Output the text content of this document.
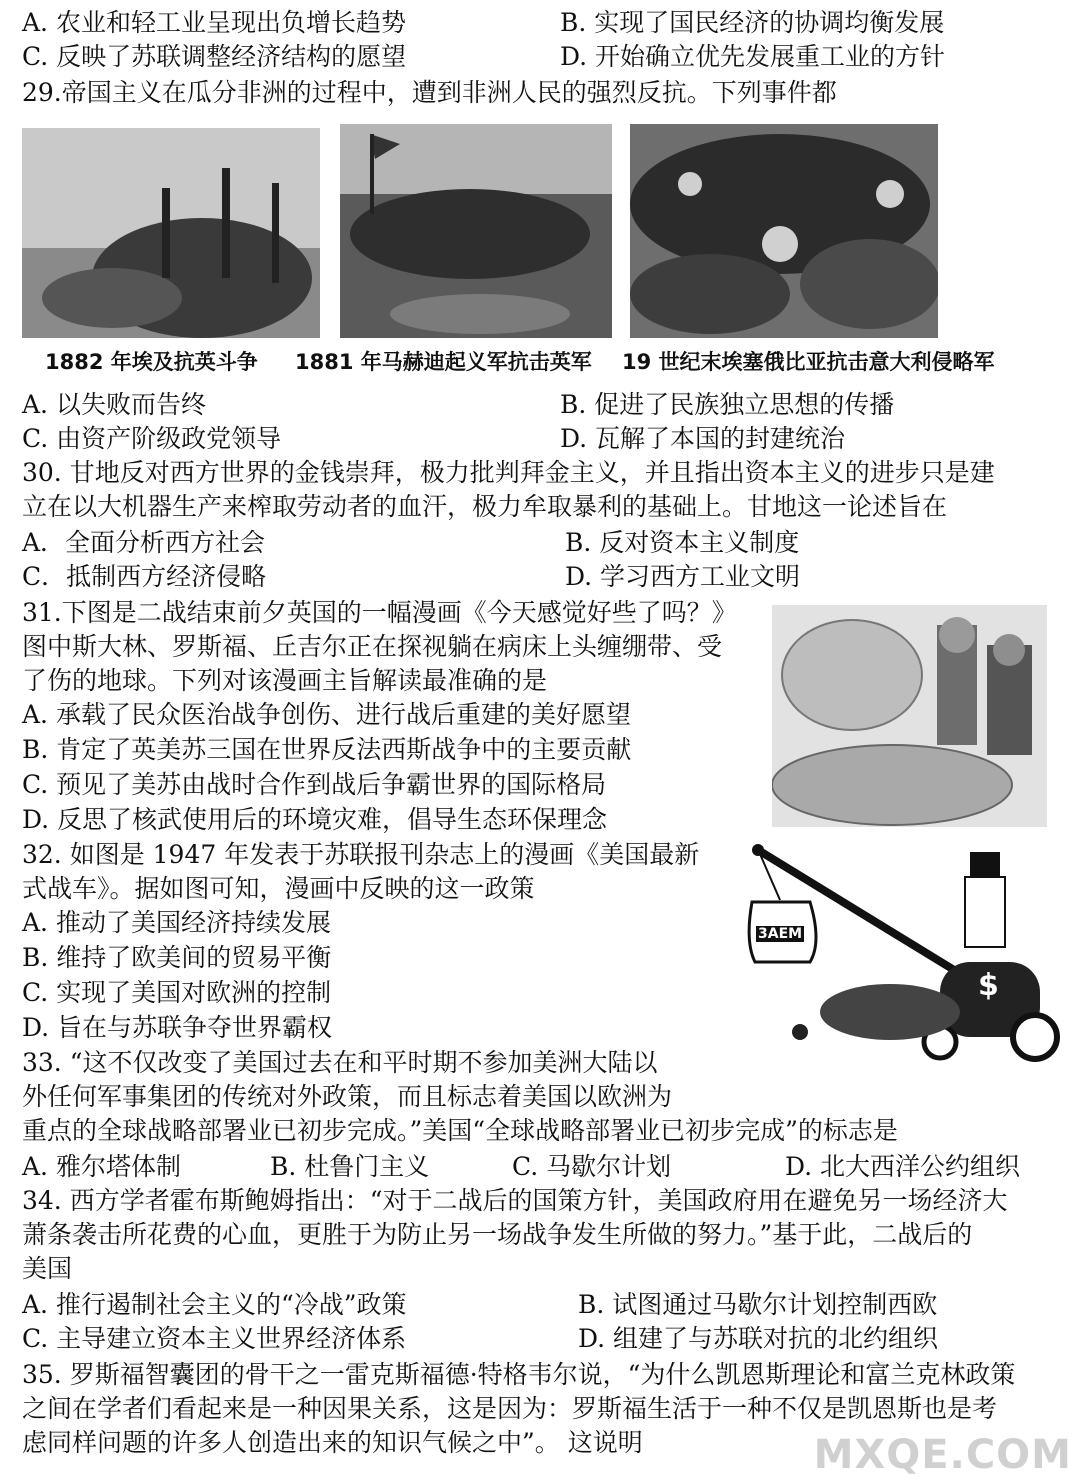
A. 农业和轻工业呈现出负增长趋势	B. 实现了国民经济的协调均衡发展
C. 反映了苏联调整经济结构的愿望	D. 开始确立优先发展重工业的方针
29.帝国主义在瓜分非洲的过程中，遭到非洲人民的强烈反抗。下列事件都
1882 年埃及抗英斗争 1881 年马赫迪起义军抗击英军 19 世纪末埃塞俄比亚抗击意大利侵略军
A. 以失败而告终	B. 促进了民族独立思想的传播
C. 由资产阶级政党领导	D. 瓦解了本国的封建统治
30. 甘地反对西方世界的金钱崇拜，极力批判拜金主义，并且指出资本主义的进步只是建
立在以大机器生产来榨取劳动者的血汗，极力牟取暴利的基础上。甘地这一论述旨在
A．全面分析西方社会	B. 反对资本主义制度
C．抵制西方经济侵略	D. 学习西方工业文明
31.下图是二战结束前夕英国的一幅漫画《今天感觉好些了吗？》
图中斯大林、罗斯福、丘吉尔正在探视躺在病床上头缠绷带、受
了伤的地球。下列对该漫画主旨解读最准确的是
A. 承载了民众医治战争创伤、进行战后重建的美好愿望
B. 肯定了英美苏三国在世界反法西斯战争中的主要贡献
C. 预见了美苏由战时合作到战后争霸世界的国际格局
D. 反思了核武使用后的环境灾难，倡导生态环保理念
32. 如图是 1947 年发表于苏联报刊杂志上的漫画《美国最新
式战车》。据如图可知，漫画中反映的这一政策
A. 推动了美国经济持续发展
B. 维持了欧美间的贸易平衡
C. 实现了美国对欧洲的控制
D. 旨在与苏联争夺世界霸权
3AEM
$
33. “这不仅改变了美国过去在和平时期不参加美洲大陆以
外任何军事集团的传统对外政策，而且标志着美国以欧洲为
重点的全球战略部署业已初步完成。”美国“全球战略部署业已初步完成”的标志是
A. 雅尔塔体制	B. 杜鲁门主义	C. 马歇尔计划	D. 北大西洋公约组织
34. 西方学者霍布斯鲍姆指出：“对于二战后的国策方针，美国政府用在避免另一场经济大
萧条袭击所花费的心血，更胜于为防止另一场战争发生所做的努力。”基于此，二战后的
美国
A. 推行遏制社会主义的“冷战”政策	B. 试图通过马歇尔计划控制西欧
C. 主导建立资本主义世界经济体系	D. 组建了与苏联对抗的北约组织
35. 罗斯福智囊团的骨干之一雷克斯福德·特格韦尔说，“为什么凯恩斯理论和富兰克林政策
之间在学者们看起来是一种因果关系，这是因为：罗斯福生活于一种不仅是凯恩斯也是考
虑同样问题的许多人创造出来的知识气候之中”。 这说明	MXQE.COM
